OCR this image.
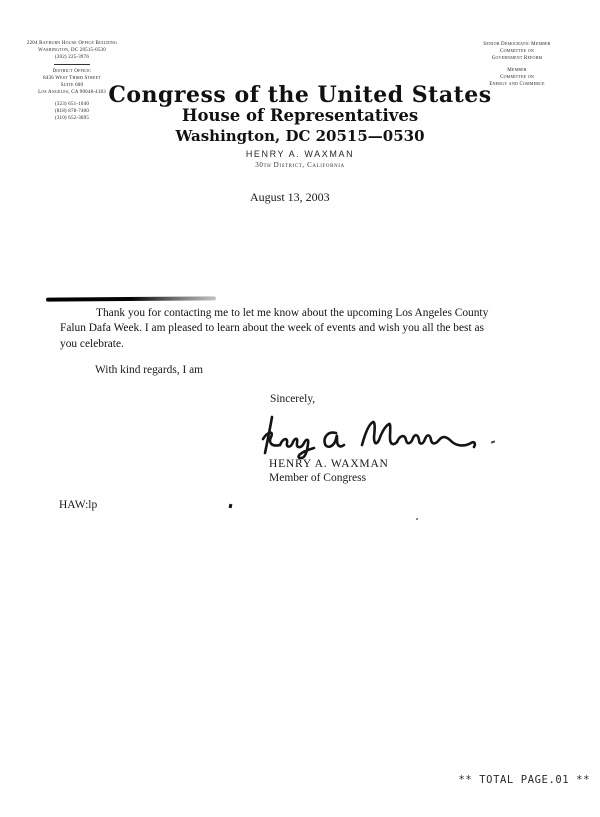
2204 Rayburn House Office Building
Washington, DC 20515-0530
(202) 225-3976
District Office:
8436 West Third Street
Suite 600
Los Angeles, CA 90048-4183
(323) 651-1040
(818) 878-7400
(310) 652-3095
Senior Democratic Member
Committee on
Government Reform
Member
Committee on
Energy and Commerce
Congress of the United States
House of Representatives
Washington, DC 20515—0530
HENRY A. WAXMAN
30th District, California
August 13, 2003
Thank you for contacting me to let me know about the upcoming Los Angeles County
Falun Dafa Week. I am pleased to learn about the week of events and wish you all the best as
you celebrate.
With kind regards, I am
Sincerely,
HENRY A. WAXMAN
Member of Congress
HAW:lp
** TOTAL PAGE.01 **
